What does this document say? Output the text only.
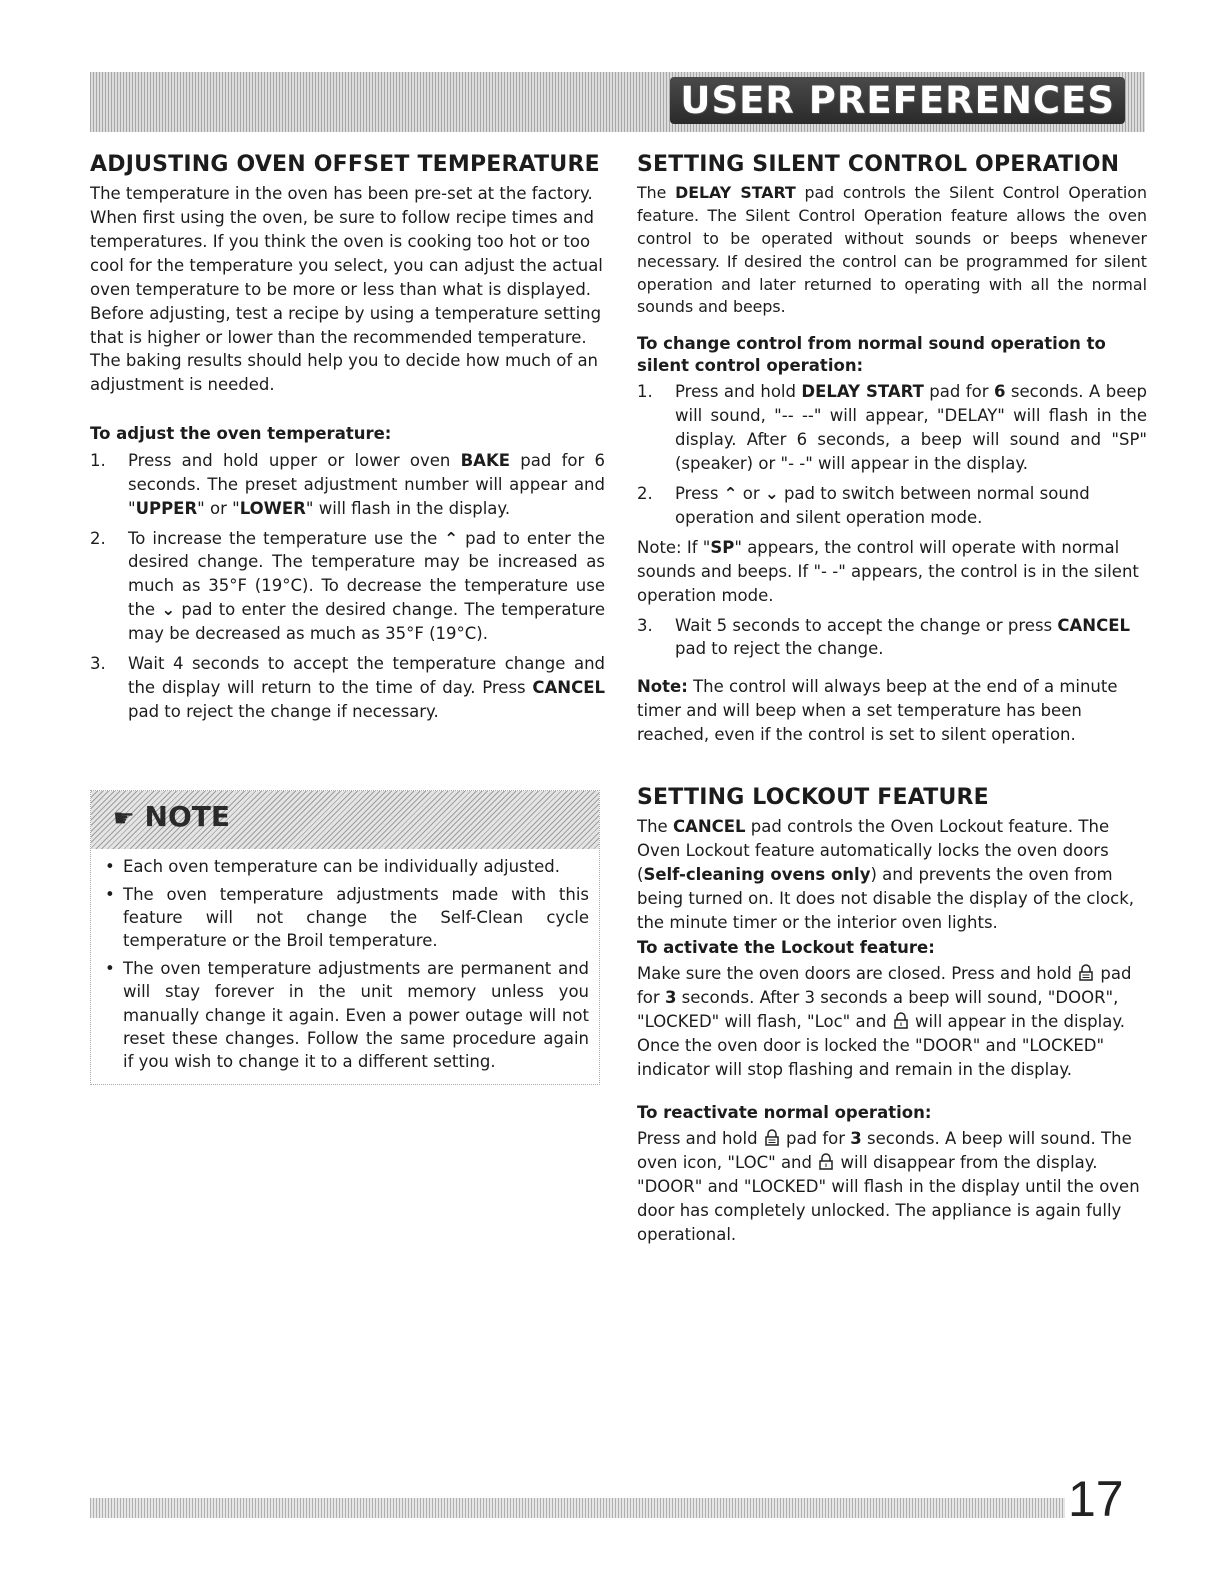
USER PREFERENCES
ADJUSTING OVEN OFFSET TEMPERATURE

The temperature in the oven has been pre-set at the factory. When first using the oven, be sure to follow recipe times and temperatures. If you think the oven is cooking too hot or too cool for the temperature you select, you can adjust the actual oven temperature to be more or less than what is displayed. Before adjusting, test a recipe by using a temperature setting that is higher or lower than the recommended temperature. The baking results should help you to decide how much of an adjustment is needed.

To adjust the oven temperature:
1. Press and hold upper or lower oven BAKE pad for 6 seconds. The preset adjustment number will appear and "UPPER" or "LOWER" will flash in the display.
2. To increase the temperature use the ⌃ pad to enter the desired change. The temperature may be increased as much as 35°F (19°C). To decrease the temperature use the ⌄ pad to enter the desired change. The temperature may be decreased as much as 35°F (19°C).
3. Wait 4 seconds to accept the temperature change and the display will return to the time of day. Press CANCEL pad to reject the change if necessary.
☛ NOTE
• Each oven temperature can be individually adjusted.
• The oven temperature adjustments made with this feature will not change the Self-Clean cycle temperature or the Broil temperature.
• The oven temperature adjustments are permanent and will stay forever in the unit memory unless you manually change it again. Even a power outage will not reset these changes. Follow the same procedure again if you wish to change it to a different setting.
SETTING SILENT CONTROL OPERATION

The DELAY START pad controls the Silent Control Operation feature. The Silent Control Operation feature allows the oven control to be operated without sounds or beeps whenever necessary. If desired the control can be programmed for silent operation and later returned to operating with all the normal sounds and beeps.

To change control from normal sound operation to silent control operation:
1. Press and hold DELAY START pad for 6 seconds. A beep will sound, "-- --" will appear, "DELAY" will flash in the display. After 6 seconds, a beep will sound and "SP" (speaker) or "- -" will appear in the display.
2. Press ⌃ or ⌄ pad to switch between normal sound operation and silent operation mode.

Note: If "SP" appears, the control will operate with normal sounds and beeps. If "- -" appears, the control is in the silent operation mode.

3. Wait 5 seconds to accept the change or press CANCEL pad to reject the change.

Note: The control will always beep at the end of a minute timer and will beep when a set temperature has been reached, even if the control is set to silent operation.

SETTING LOCKOUT FEATURE

The CANCEL pad controls the Oven Lockout feature. The Oven Lockout feature automatically locks the oven doors (Self-cleaning ovens only) and prevents the oven from being turned on. It does not disable the display of the clock, the minute timer or the interior oven lights.

To activate the Lockout feature:

Make sure the oven doors are closed. Press and hold  pad for 3 seconds. After 3 seconds a beep will sound, "DOOR", "LOCKED" will flash, "Loc" and  will appear in the display. Once the oven door is locked the "DOOR" and "LOCKED" indicator will stop flashing and remain in the display.

To reactivate normal operation:

Press and hold  pad for 3 seconds. A beep will sound. The oven icon, "LOC" and  will disappear from the display. "DOOR" and "LOCKED" will flash in the display until the oven door has completely unlocked. The appliance is again fully operational.

17
